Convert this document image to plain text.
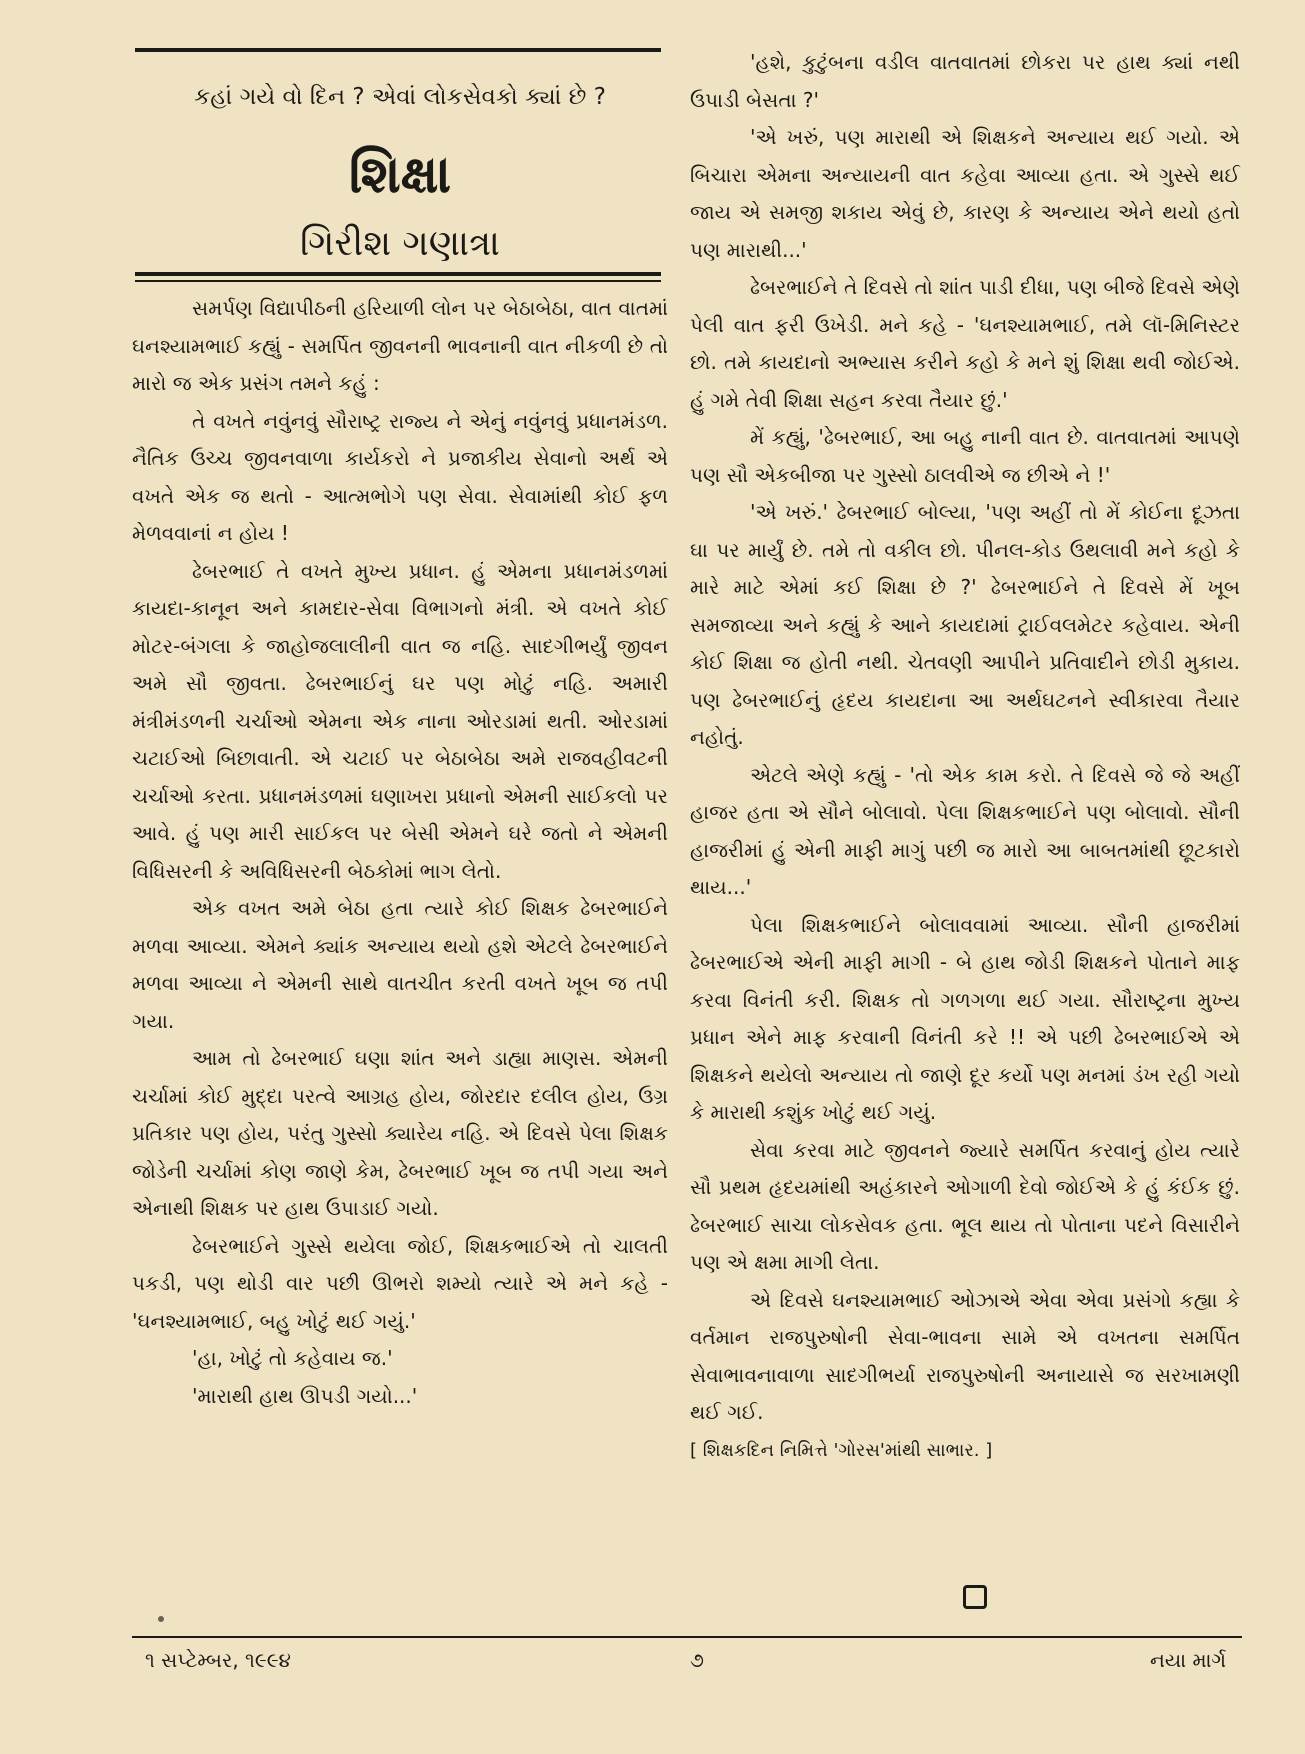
કહાં ગયે વો દિન ? એવાં લોકસેવકો ક્યાં છે ?
શિક્ષા
ગિરીશ ગણાત્રા

સમર્પણ વિદ્યાપીઠની હરિયાળી લોન પર બેઠાબેઠા, વાત વાતમાં ઘનશ્યામભાઈ કહ્યું - સમર્પિત જીવનની ભાવનાની વાત નીકળી છે તો મારો જ એક પ્રસંગ તમને કહું :

તે વખતે નવુંનવું સૌરાષ્ટ્ર રાજ્ય ને એનું નવુંનવું પ્રધાનમંડળ. નૈતિક ઉચ્ચ જીવનવાળા કાર્યકરો ને પ્રજાકીય સેવાનો અર્થ એ વખતે એક જ થતો - આત્મભોગે પણ સેવા. સેવામાંથી કોઈ ફળ મેળવવાનાં ન હોય !

ઢેબરભાઈ તે વખતે મુખ્ય પ્રધાન. હું એમના પ્રધાનમંડળમાં કાયદા-કાનૂન અને કામદાર-સેવા વિભાગનો મંત્રી. એ વખતે કોઈ મોટર-બંગલા કે જાહોજલાલીની વાત જ નહિ. સાદગીભર્યું જીવન અમે સૌ જીવતા. ઢેબરભાઈનું ઘર પણ મોટું નહિ. અમારી મંત્રીમંડળની ચર્ચાઓ એમના એક નાના ઓરડામાં થતી. ઓરડામાં ચટાઈઓ બિછાવાતી. એ ચટાઈ પર બેઠાબેઠા અમે રાજવહીવટની ચર્ચાઓ કરતા. પ્રધાનમંડળમાં ઘણાખરા પ્રધાનો એમની સાઈકલો પર આવે. હું પણ મારી સાઈકલ પર બેસી એમને ઘરે જતો ને એમની વિધિસરની કે અવિધિસરની બેઠકોમાં ભાગ લેતો.

એક વખત અમે બેઠા હતા ત્યારે કોઈ શિક્ષક ઢેબરભાઈને મળવા આવ્યા. એમને ક્યાંક અન્યાય થયો હશે એટલે ઢેબરભાઈને મળવા આવ્યા ને એમની સાથે વાતચીત કરતી વખતે ખૂબ જ તપી ગયા.

આમ તો ઢેબરભાઈ ઘણા શાંત અને ડાહ્યા માણસ. એમની ચર્ચામાં કોઈ મુદ્દા પરત્વે આગ્રહ હોય, જોરદાર દલીલ હોય, ઉગ્ર પ્રતિકાર પણ હોય, પરંતુ ગુસ્સો ક્યારેય નહિ. એ દિવસે પેલા શિક્ષક જોડેની ચર્ચામાં કોણ જાણે કેમ, ઢેબરભાઈ ખૂબ જ તપી ગયા અને એનાથી શિક્ષક પર હાથ ઉપાડાઈ ગયો.

ઢેબરભાઈને ગુસ્સે થયેલા જોઈ, શિક્ષકભાઈએ તો ચાલતી પકડી, પણ થોડી વાર પછી ઊભરો શમ્યો ત્યારે એ મને કહે - 'ઘનશ્યામભાઈ, બહુ ખોટું થઈ ગયું.'

'હા, ખોટું તો કહેવાય જ.'

'મારાથી હાથ ઊપડી ગયો...'

'હશે, કુટુંબના વડીલ વાતવાતમાં છોકરા પર હાથ ક્યાં નથી ઉપાડી બેસતા ?'

'એ ખરું, પણ મારાથી એ શિક્ષકને અન્યાય થઈ ગયો. એ બિચારા એમના અન્યાયની વાત કહેવા આવ્યા હતા. એ ગુસ્સે થઈ જાય એ સમજી શકાય એવું છે, કારણ કે અન્યાય એને થયો હતો પણ મારાથી...'

ઢેબરભાઈને તે દિવસે તો શાંત પાડી દીધા, પણ બીજે દિવસે એણે પેલી વાત ફરી ઉખેડી. મને કહે - 'ઘનશ્યામભાઈ, તમે લૉ-મિનિસ્ટર છો. તમે કાયદાનો અભ્યાસ કરીને કહો કે મને શું શિક્ષા થવી જોઈએ. હું ગમે તેવી શિક્ષા સહન કરવા તૈયાર છું.'

મેં કહ્યું, 'ઢેબરભાઈ, આ બહુ નાની વાત છે. વાતવાતમાં આપણે પણ સૌ એકબીજા પર ગુસ્સો ઠાલવીએ જ છીએ ને !'

'એ ખરું.' ઢેબરભાઈ બોલ્યા, 'પણ અહીં તો મેં કોઈના દૂઝતા ઘા પર માર્યું છે. તમે તો વકીલ છો. પીનલ-કોડ ઉથલાવી મને કહો કે મારે માટે એમાં કઈ શિક્ષા છે ?' ઢેબરભાઈને તે દિવસે મેં ખૂબ સમજાવ્યા અને કહ્યું કે આને કાયદામાં ટ્રાઈવલમેટર કહેવાય. એની કોઈ શિક્ષા જ હોતી નથી. ચેતવણી આપીને પ્રતિવાદીને છોડી મુકાય. પણ ઢેબરભાઈનું હૃદય કાયદાના આ અર્થઘટનને સ્વીકારવા તૈયાર નહોતું.

એટલે એણે કહ્યું - 'તો એક કામ કરો. તે દિવસે જે જે અહીં હાજર હતા એ સૌને બોલાવો. પેલા શિક્ષકભાઈને પણ બોલાવો. સૌની હાજરીમાં હું એની માફી માગું પછી જ મારો આ બાબતમાંથી છૂટકારો થાય...'

પેલા શિક્ષકભાઈને બોલાવવામાં આવ્યા. સૌની હાજરીમાં ઢેબરભાઈએ એની માફી માગી - બે હાથ જોડી શિક્ષકને પોતાને માફ કરવા વિનંતી કરી. શિક્ષક તો ગળગળા થઈ ગયા. સૌરાષ્ટ્રના મુખ્ય પ્રધાન એને માફ કરવાની વિનંતી કરે !! એ પછી ઢેબરભાઈએ એ શિક્ષકને થયેલો અન્યાય તો જાણે દૂર કર્યો પણ મનમાં ડંખ રહી ગયો કે મારાથી કશુંક ખોટું થઈ ગયું.

સેવા કરવા માટે જીવનને જ્યારે સમર્પિત કરવાનું હોય ત્યારે સૌ પ્રથમ હૃદયમાંથી અહંકારને ઓગાળી દેવો જોઈએ કે હું કંઈક છું. ઢેબરભાઈ સાચા લોકસેવક હતા. ભૂલ થાય તો પોતાના પદને વિસારીને પણ એ ક્ષમા માગી લેતા.

એ દિવસે ઘનશ્યામભાઈ ઓઝાએ એવા એવા પ્રસંગો કહ્યા કે વર્તમાન રાજપુરુષોની સેવા-ભાવના સામે એ વખતના સમર્પિત સેવાભાવનાવાળા સાદગીભર્યા રાજપુરુષોની અનાયાસે જ સરખામણી થઈ ગઈ.

[ શિક્ષકદિન નિમિત્તે 'ગોરસ'માંથી સાભાર. ]

૧ સપ્ટેમ્બર, ૧૯૯૪	૭	નયા માર્ગ
